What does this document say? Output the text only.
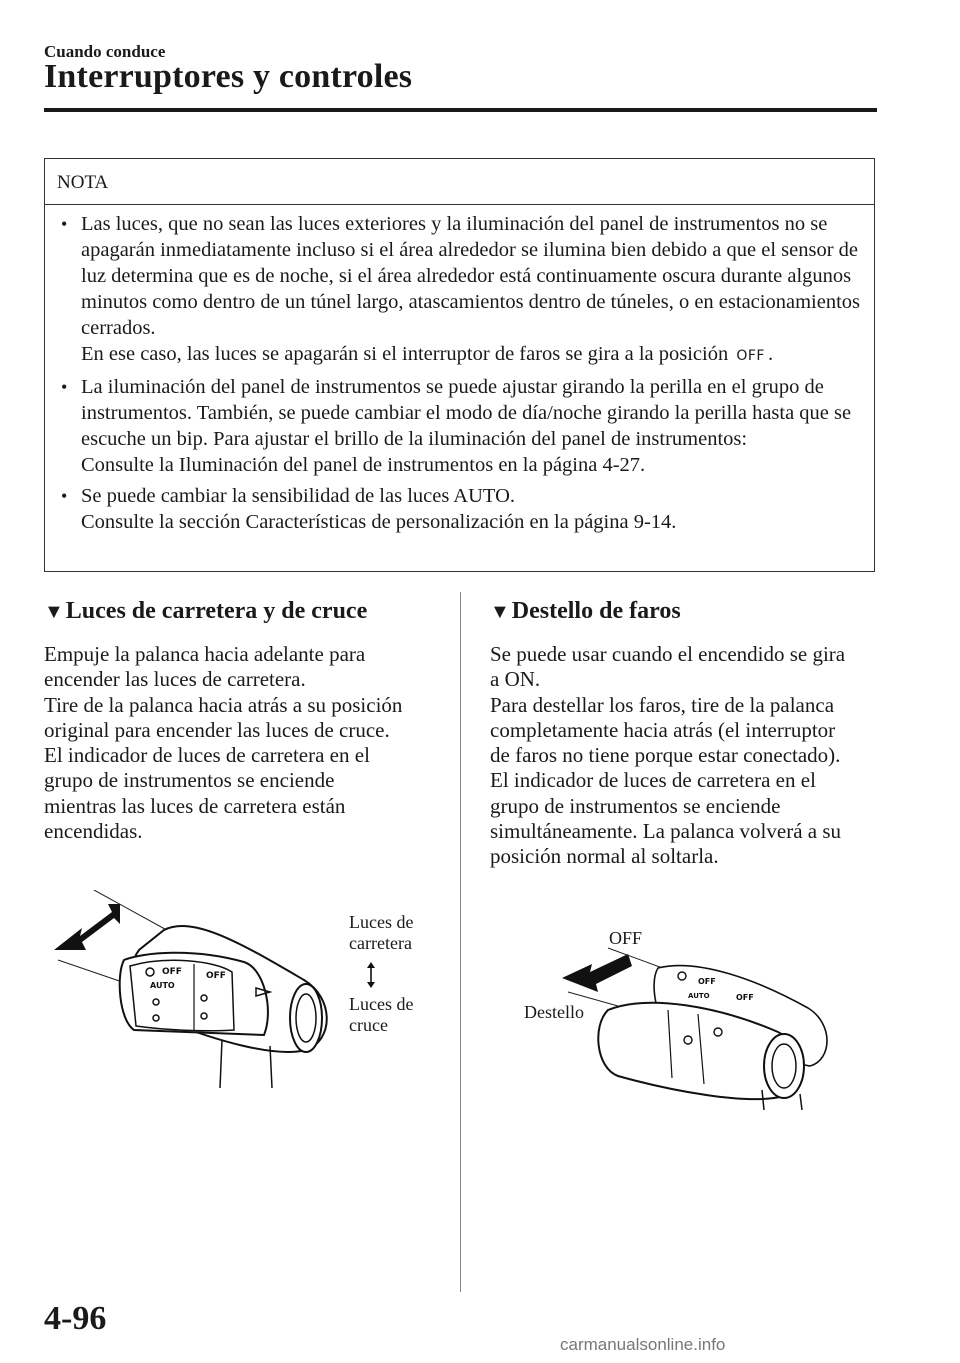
Cuando conduce
Interruptores y controles
NOTA
• Las luces, que no sean las luces exteriores y la iluminación del panel de instrumentos no se apagarán inmediatamente incluso si el área alrededor se ilumina bien debido a que el sensor de luz determina que es de noche, si el área alrededor está continuamente oscura durante algunos minutos como dentro de un túnel largo, atascamientos dentro de túneles, o en estacionamientos cerrados.
En ese caso, las luces se apagarán si el interruptor de faros se gira a la posición OFF .
• La iluminación del panel de instrumentos se puede ajustar girando la perilla en el grupo de instrumentos. También, se puede cambiar el modo de día/noche girando la perilla hasta que se escuche un bip. Para ajustar el brillo de la iluminación del panel de instrumentos:
Consulte la Iluminación del panel de instrumentos en la página 4-27.
• Se puede cambiar la sensibilidad de las luces AUTO.
Consulte la sección Características de personalización en la página 9-14.
▼Luces de carretera y de cruce
Empuje la palanca hacia adelante para
encender las luces de carretera.
Tire de la palanca hacia atrás a su posición
original para encender las luces de cruce.
El indicador de luces de carretera en el
grupo de instrumentos se enciende
mientras las luces de carretera están
encendidas.
OFF
AUTO
OFF
Luces de
carretera
Luces de
cruce
▼Destello de faros
Se puede usar cuando el encendido se gira
a ON.
Para destellar los faros, tire de la palanca
completamente hacia atrás (el interruptor
de faros no tiene porque estar conectado).
El indicador de luces de carretera en el
grupo de instrumentos se enciende
simultáneamente. La palanca volverá a su
posición normal al soltarla.
OFF
Destello
OFF
AUTO	OFF
4-96
carmanualsonline.info
